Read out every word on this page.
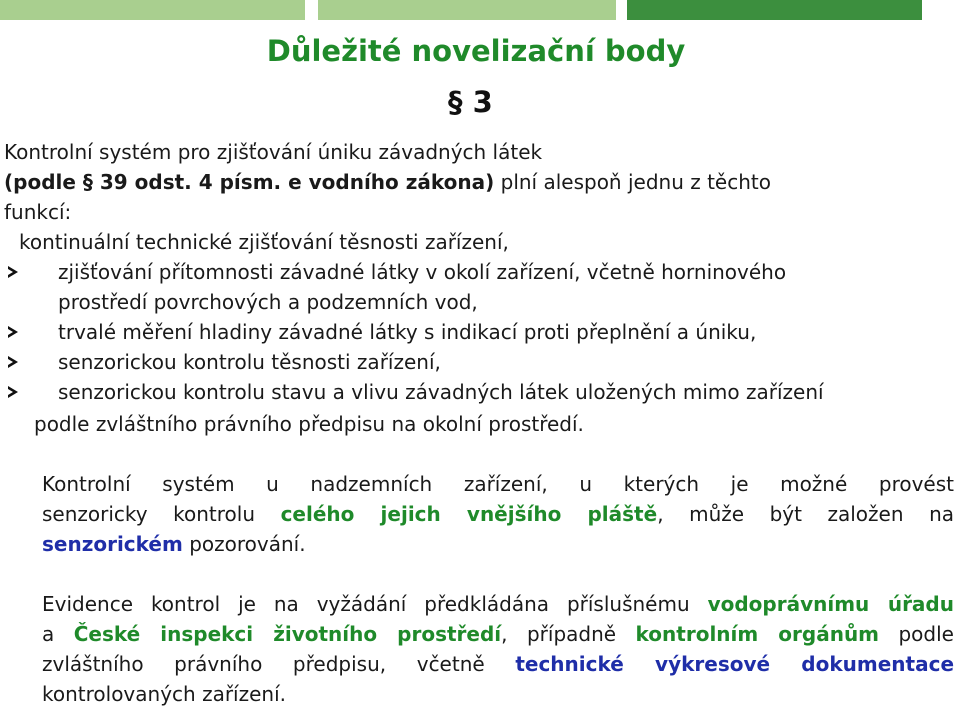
Důležité novelizační body
§ 3
Kontrolní systém pro zjišťování úniku závadných látek
(podle § 39 odst. 4 písm. e vodního zákona) plní alespoň jednu z těchto
funkcí:
kontinuální technické zjišťování těsnosti zařízení,
zjišťování přítomnosti závadné látky v okolí zařízení, včetně horninového
prostředí povrchových a podzemních vod,
trvalé měření hladiny závadné látky s indikací proti přeplnění a úniku,
senzorickou kontrolu těsnosti zařízení,
senzorickou kontrolu stavu a vlivu závadných látek uložených mimo zařízení
podle zvláštního právního předpisu na okolní prostředí.
Kontrolní systém u nadzemních zařízení, u kterých je možné provést
senzoricky kontrolu celého jejich vnějšího pláště, může být založen na
senzorickém pozorování.
Evidence kontrol je na vyžádání předkládána příslušnému vodoprávnímu úřadu
a České inspekci životního prostředí, případně kontrolním orgánům podle
zvláštního právního předpisu, včetně technické výkresové dokumentace
kontrolovaných zařízení.
